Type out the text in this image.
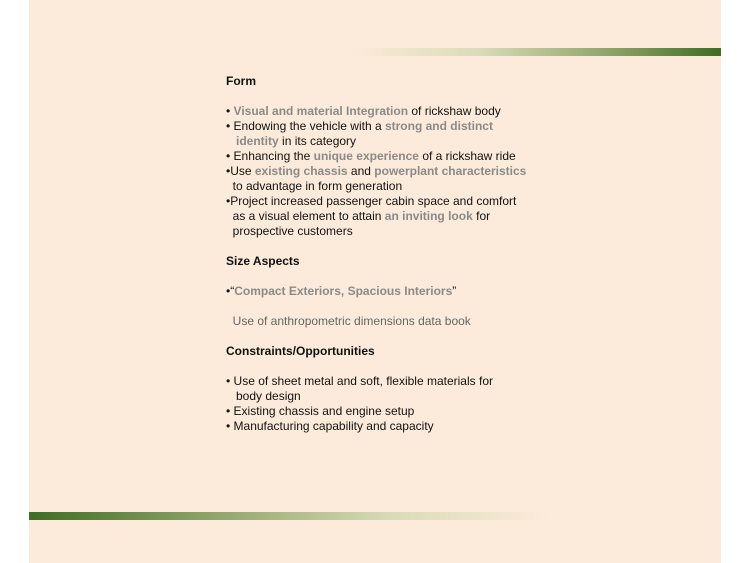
Form

• Visual and material Integration of rickshaw body

• Endowing the vehicle with a strong and distinct

identity in its category

• Enhancing the unique experience of a rickshaw ride

•Use existing chassis and powerplant characteristics

to advantage in form generation

•Project increased passenger cabin space and comfort

as a visual element to attain an inviting look for

prospective customers

Size Aspects

•“Compact Exteriors, Spacious Interiors”

Use of anthropometric dimensions data book

Constraints/Opportunities

• Use of sheet metal and soft, flexible materials for

body design

• Existing chassis and engine setup

• Manufacturing capability and capacity
